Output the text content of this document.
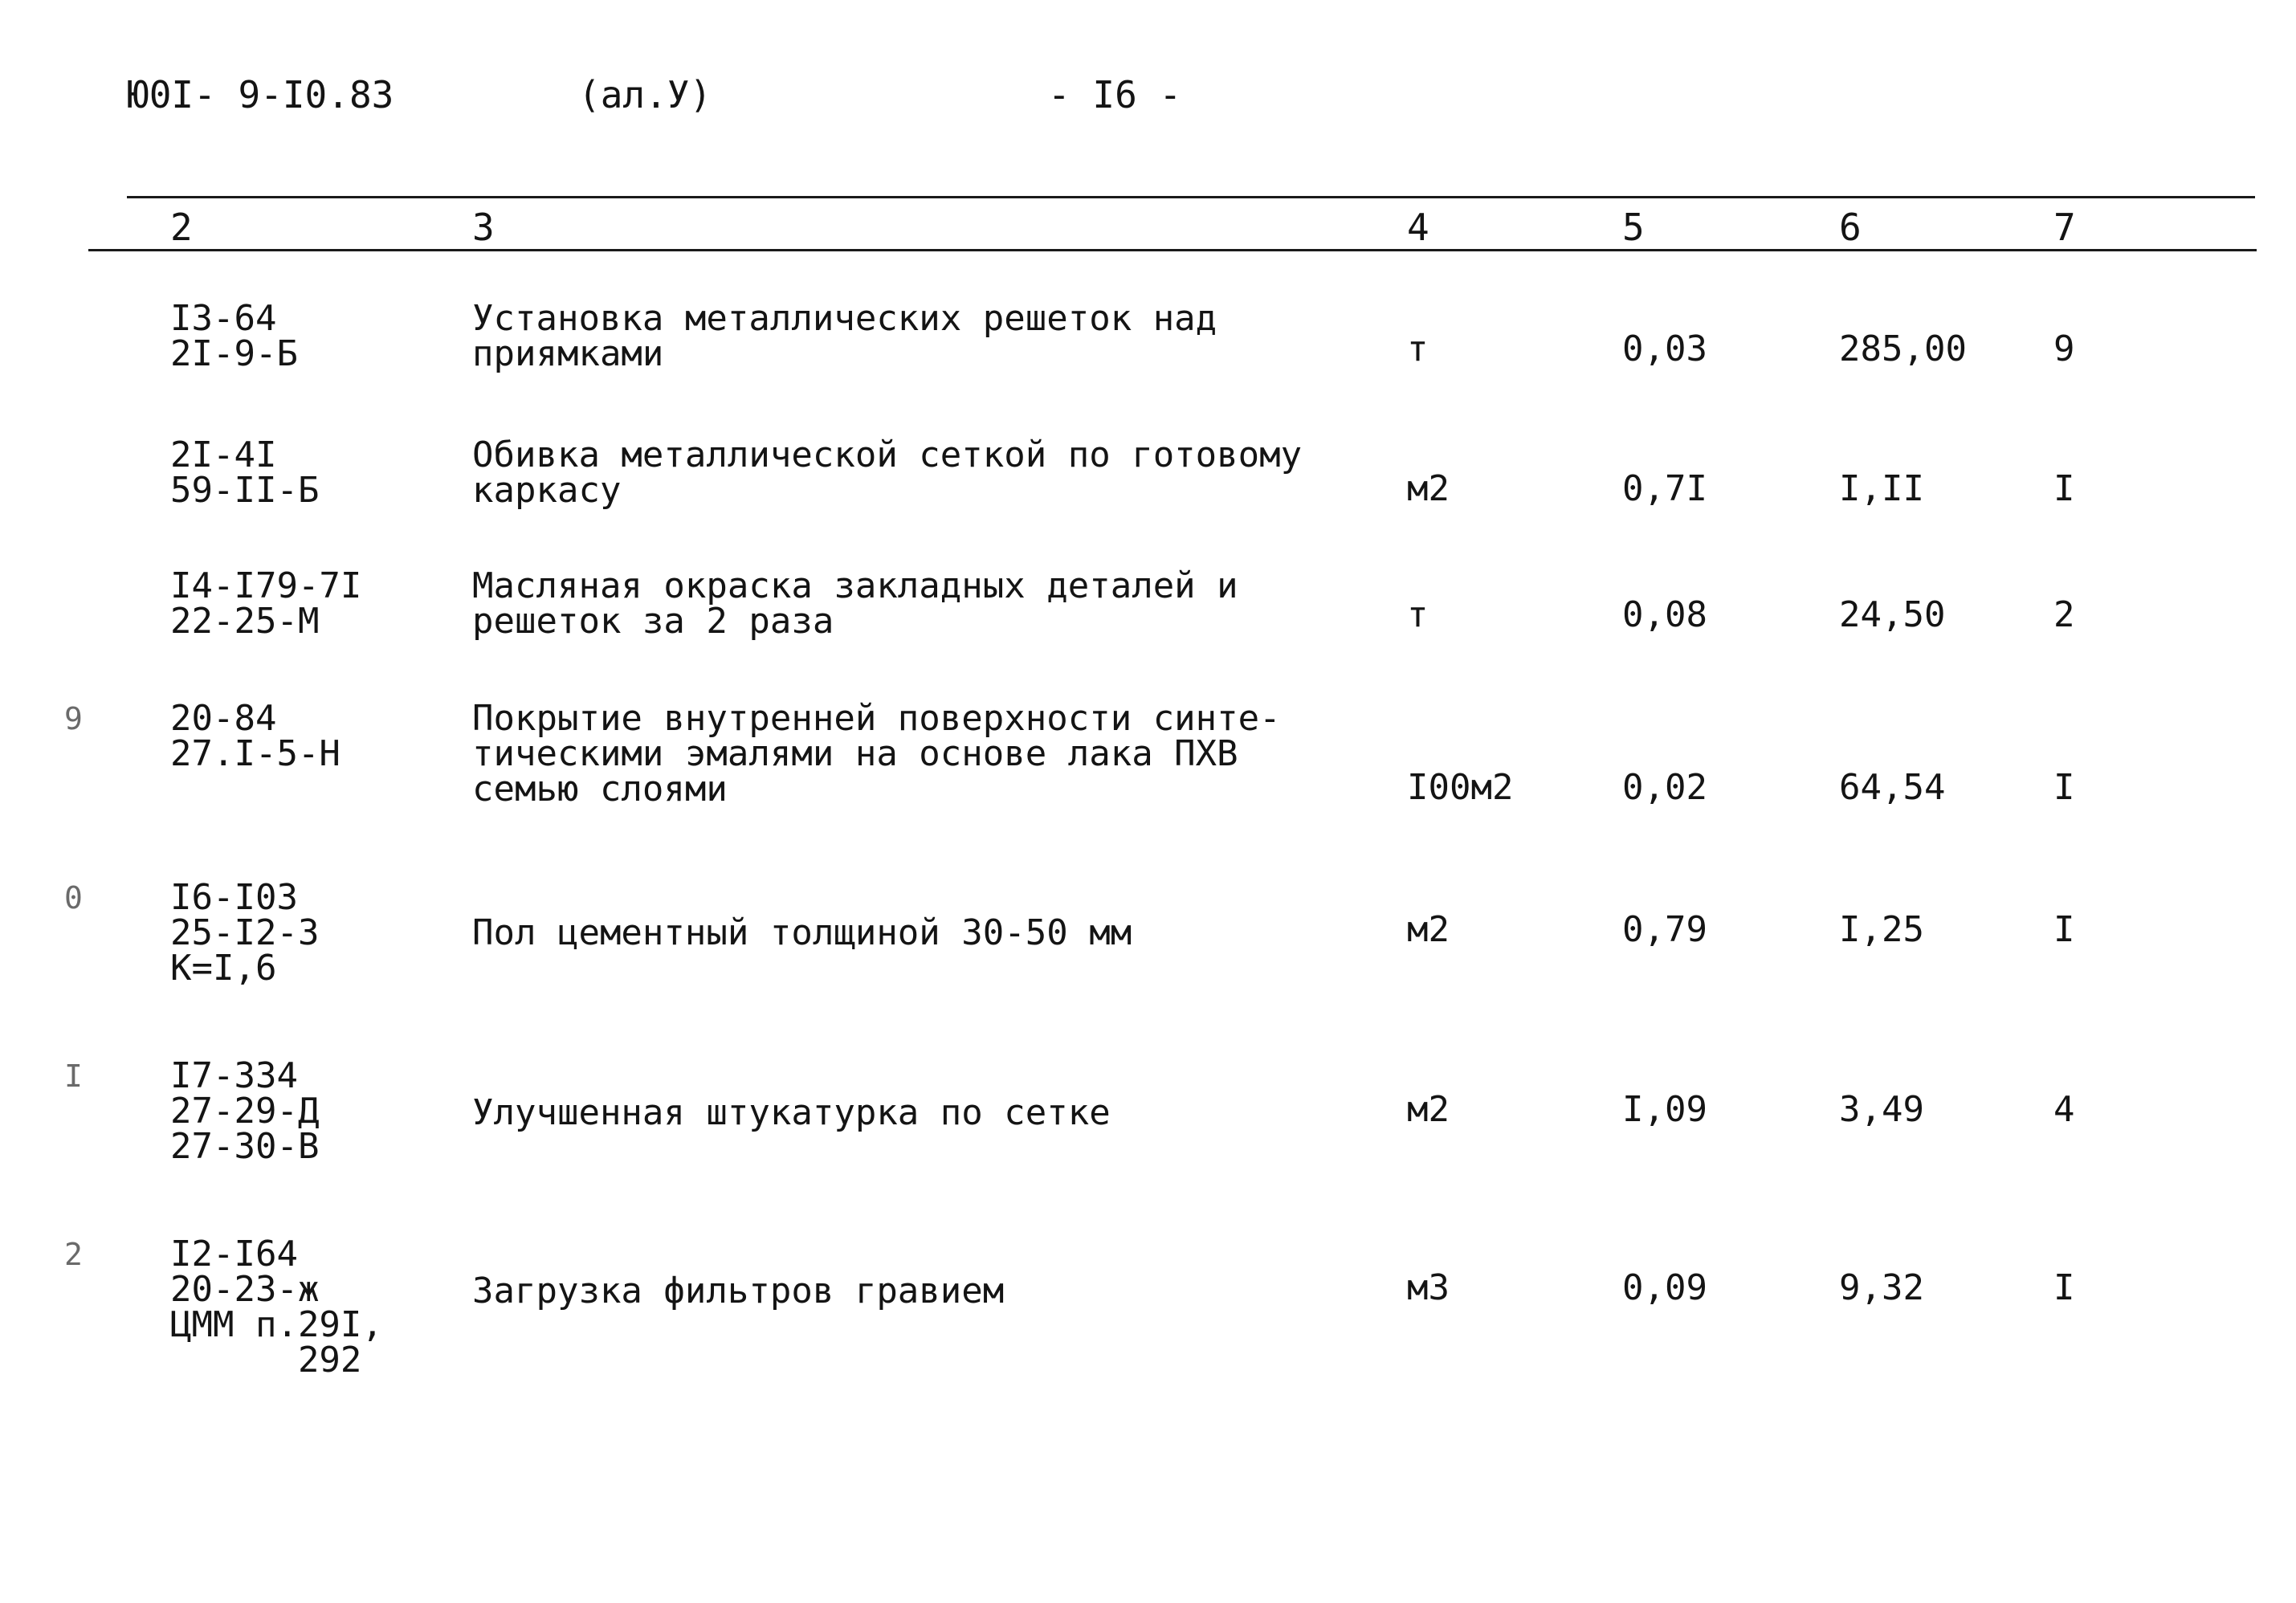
Ю0I- 9-I0.83	(ал.У)	- I6 -
2	3	4	5	6	7
I3-64
2I-9-Б
Установка металлических решеток над
приямками	т	0,03	285,00 9
2I-4I
59-II-Б
Обивка металлической сеткой по готовому
каркасу	м2	0,7I	I,II	I
I4-I79-7I
22-25-М
Масляная окраска закладных деталей и
решеток за 2 раза	т	0,08	24,50	2
9 20-84
27.I-5-Н
Покрытие внутренней поверхности синте-
тическими эмалями на основе лака ПХВ
семью слоями	I00м2	0,02	64,54	I
0 I6-I03
25-I2-3
К=I,6
Пол цементный толщиной 30-50 мм	м2	0,79	I,25	I
I I7-334
27-29-Д
27-30-В
Улучшенная штукатурка по сетке	м2	I,09	3,49	4
2 I2-I64
20-23-ж
ЦММ п.29I,
292
Загрузка фильтров гравием	м3	0,09	9,32	I
